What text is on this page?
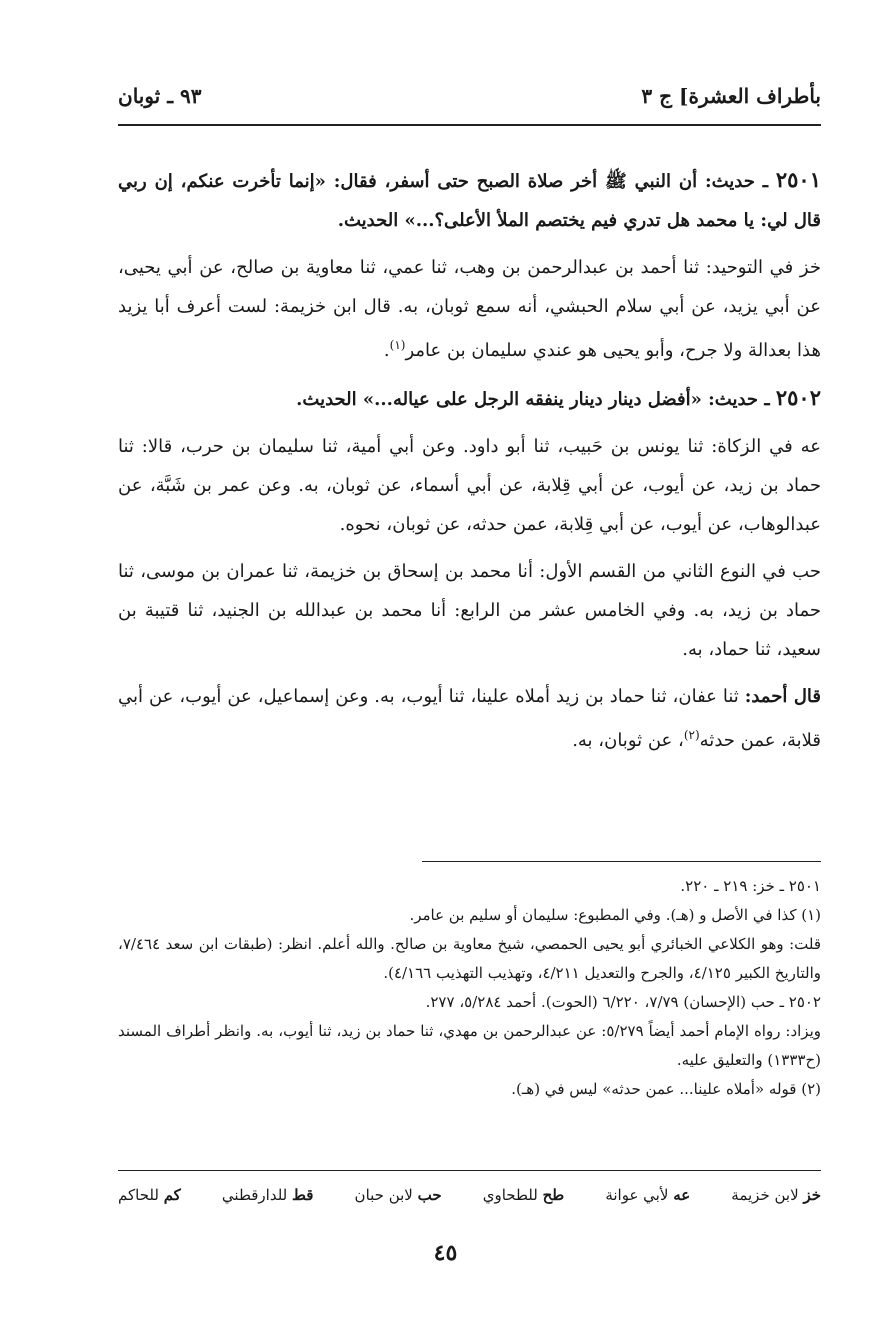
بأطراف العشرة] ج ٣
٩٣ ـ ثوبان

٢٥٠١ ـ حديث: أن النبي ﷺ أخر صلاة الصبح حتى أسفر، فقال: «إنما تأخرت عنكم، إن ربي قال لي: يا محمد هل تدري فيم يختصم الملأ الأعلى؟...» الحديث.

خز في التوحيد: ثنا أحمد بن عبدالرحمن بن وهب، ثنا عمي، ثنا معاوية بن صالح، عن أبي يحيى، عن أبي يزيد، عن أبي سلام الحبشي، أنه سمع ثوبان، به. قال ابن خزيمة: لست أعرف أبا يزيد هذا بعدالة ولا جرح، وأبو يحيى هو عندي سليمان بن عامر$^{(١)}$.

٢٥٠٢ ـ حديث: «أفضل دينار دينار ينفقه الرجل على عياله...» الحديث.

عه في الزكاة: ثنا يونس بن حَبيب، ثنا أبو داود. وعن أبي أمية، ثنا سليمان بن حرب، قالا: ثنا حماد بن زيد، عن أيوب، عن أبي قِلابة، عن أبي أسماء، عن ثوبان، به. وعن عمر بن شَبَّة، عن عبدالوهاب، عن أيوب، عن أبي قِلابة، عمن حدثه، عن ثوبان، نحوه.

حب في النوع الثاني من القسم الأول: أنا محمد بن إسحاق بن خزيمة، ثنا عمران بن موسى، ثنا حماد بن زيد، به. وفي الخامس عشر من الرابع: أنا محمد بن عبدالله بن الجنيد، ثنا قتيبة بن سعيد، ثنا حماد، به.

قال أحمد: ثنا عفان، ثنا حماد بن زيد أملاه علينا، ثنا أيوب، به. وعن إسماعيل، عن أيوب، عن أبي قلابة، عمن حدثه$^{(٢)}$، عن ثوبان، به.

٢٥٠١ ـ خز: ٢١٩ ـ ٢٢٠.

(١) كذا في الأصل و (هـ). وفي المطبوع: سليمان أو سليم بن عامر.

قلت: وهو الكلاعي الخبائري أبو يحيى الحمصي، شيخ معاوية بن صالح. والله أعلم. انظر: (طبقات ابن سعد ٧/٤٦٤، والتاريخ الكبير ٤/١٢٥، والجرح والتعديل ٤/٢١١، وتهذيب التهذيب ٤/١٦٦).

٢٥٠٢ ـ حب (الإحسان) ٧/٧٩، ٦/٢٢٠ (الحوت). أحمد ٥/٢٨٤، ٢٧٧.

ويزاد: رواه الإمام أحمد أيضاً ٥/٢٧٩: عن عبدالرحمن بن مهدي، ثنا حماد بن زيد، ثنا أيوب، به. وانظر أطراف المسند (ح١٣٣٣) والتعليق عليه.

(٢) قوله «أملاه علينا... عمن حدثه» ليس في (هـ).

خز لابن خزيمة
عه لأبي عوانة
طح للطحاوي
حب لابن حبان
قط للدارقطني
كم للحاكم
٤٥
